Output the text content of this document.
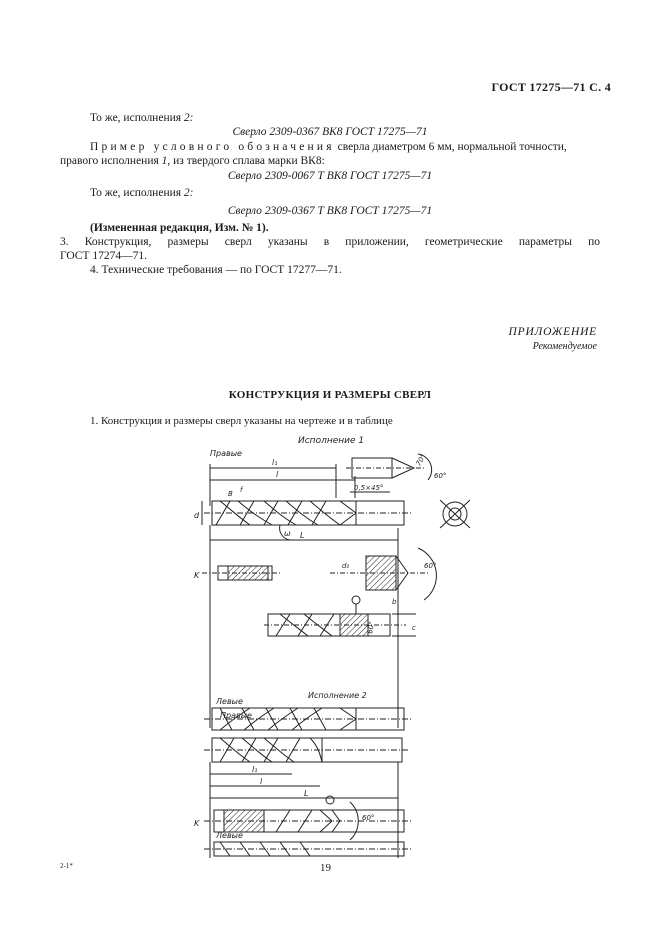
ГОСТ 17275—71 С. 4
То же, исполнения 2:
Сверло 2309-0367 ВК8 ГОСТ 17275—71
Пример условного обозначения сверла диаметром 6 мм, нормальной точности,
правого исполнения 1, из твердого сплава марки ВК8:
Сверло 2309-0067 Т ВК8 ГОСТ 17275—71
То же, исполнения 2:
Сверло 2309-0367 Т ВК8 ГОСТ 17275—71
(Измененная редакция, Изм. № 1).
3. Конструкция, размеры сверл указаны в приложении, геометрические параметры по
ГОСТ 17274—71.
4. Технические требования — по ГОСТ 17277—71.
ПРИЛОЖЕНИЕ
Рекомендуемое
КОНСТРУКЦИЯ И РАЗМЕРЫ СВЕРЛ
1. Конструкция и размеры сверл указаны на чертеже и в таблице
Исполнение 1
Правые
l₁
l
d
B f
ω
70°
60°
0,5×45°
L
K
d₀	60°
b
60°	c
Левые
Исполнение 2
Правые
l₁
l
L
K
60°
Левые
2-1*	19
